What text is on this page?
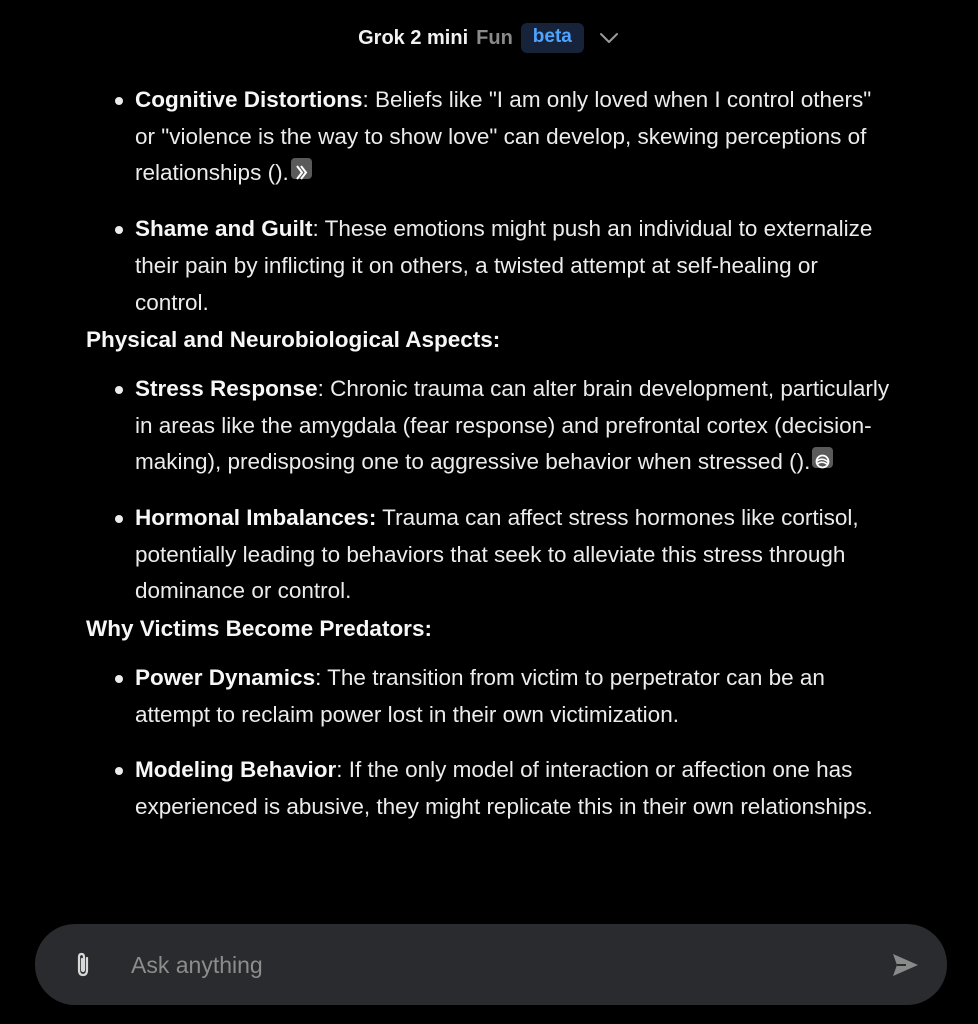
Grok 2 mini Fun	beta
Cognitive Distortions: Beliefs like "I am only loved when I control others" or "violence is the way to show love" can develop, skewing perceptions of relationships ().
Shame and Guilt: These emotions might push an individual to externalize their pain by inflicting it on others, a twisted attempt at self-healing or control.
Physical and Neurobiological Aspects:
Stress Response: Chronic trauma can alter brain development, particularly in areas like the amygdala (fear response) and prefrontal cortex (decision-making), predisposing one to aggressive behavior when stressed ().
Hormonal Imbalances: Trauma can affect stress hormones like cortisol, potentially leading to behaviors that seek to alleviate this stress through dominance or control.
Why Victims Become Predators:
Power Dynamics: The transition from victim to perpetrator can be an attempt to reclaim power lost in their own victimization.
Modeling Behavior: If the only model of interaction or affection one has experienced is abusive, they might replicate this in their own relationships.
Ask anything
